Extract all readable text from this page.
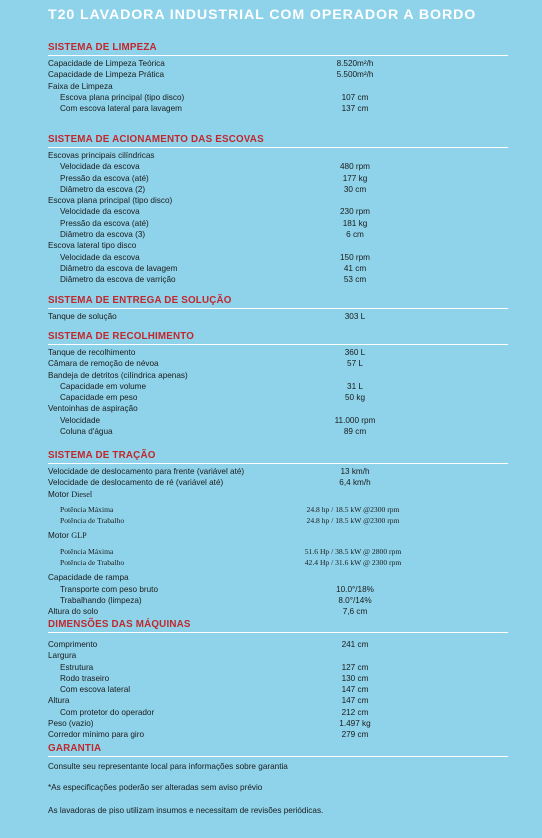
T20 LAVADORA INDUSTRIAL COM OPERADOR A BORDO
SISTEMA DE LIMPEZA
Capacidade de Limpeza Teórica	8.520m²/h
Capacidade de Limpeza Prática	5.500m²/h
Faixa de Limpeza
Escova plana principal (tipo disco)	107 cm
Com escova lateral para lavagem	137 cm
SISTEMA DE ACIONAMENTO DAS ESCOVAS
Escovas principais cilíndricas
Velocidade da escova	480 rpm
Pressão da escova (até)	177 kg
Diâmetro da escova (2)	30 cm
Escova plana principal (tipo disco)
Velocidade da escova	230 rpm
Pressão da escova (até)	181 kg
Diâmetro da escova (3)	6 cm
Escova lateral tipo disco
Velocidade da escova	150 rpm
Diâmetro da escova de lavagem	41 cm
Diâmetro da escova de varrição	53 cm
SISTEMA DE ENTREGA DE SOLUÇÃO
Tanque de solução	303 L
SISTEMA DE RECOLHIMENTO
Tanque de recolhimento	360 L
Câmara de remoção de névoa	57 L
Bandeja de detritos (cilíndrica apenas)
Capacidade em volume	31 L
Capacidade em peso	50 kg
Ventoinhas de aspiração
Velocidade	11.000 rpm
Coluna d'água	89 cm
SISTEMA DE TRAÇÃO
Velocidade de deslocamento para frente (variável até)	13 km/h
Velocidade de deslocamento de ré (variável até)	6,4 km/h
Motor Diesel
Potência Máxima	24.8 hp / 18.5 kW @2300 rpm
Potência de Trabalho	24.8 hp / 18.5 kW @2300 rpm
Motor GLP
Potência Máxima	51.6 Hp / 38.5 kW @ 2800 rpm
Potência de Trabalho	42.4 Hp / 31.6 kW @ 2300 rpm
Capacidade de rampa
Transporte com peso bruto	10.0°/18%
Trabalhando (limpeza)	8.0°/14%
Altura do solo	7,6 cm
DIMENSÕES DAS MÁQUINAS
Comprimento	241 cm
Largura
Estrutura	127 cm
Rodo traseiro	130 cm
Com escova lateral	147 cm
Altura	147 cm
Com protetor do operador	212 cm
Peso (vazio)	1.497 kg
Corredor mínimo para giro	279 cm
GARANTIA
Consulte seu representante local para informações sobre garantia
*As especificações poderão ser alteradas sem aviso prévio
As lavadoras de piso utilizam insumos e necessitam de revisões periódicas.
